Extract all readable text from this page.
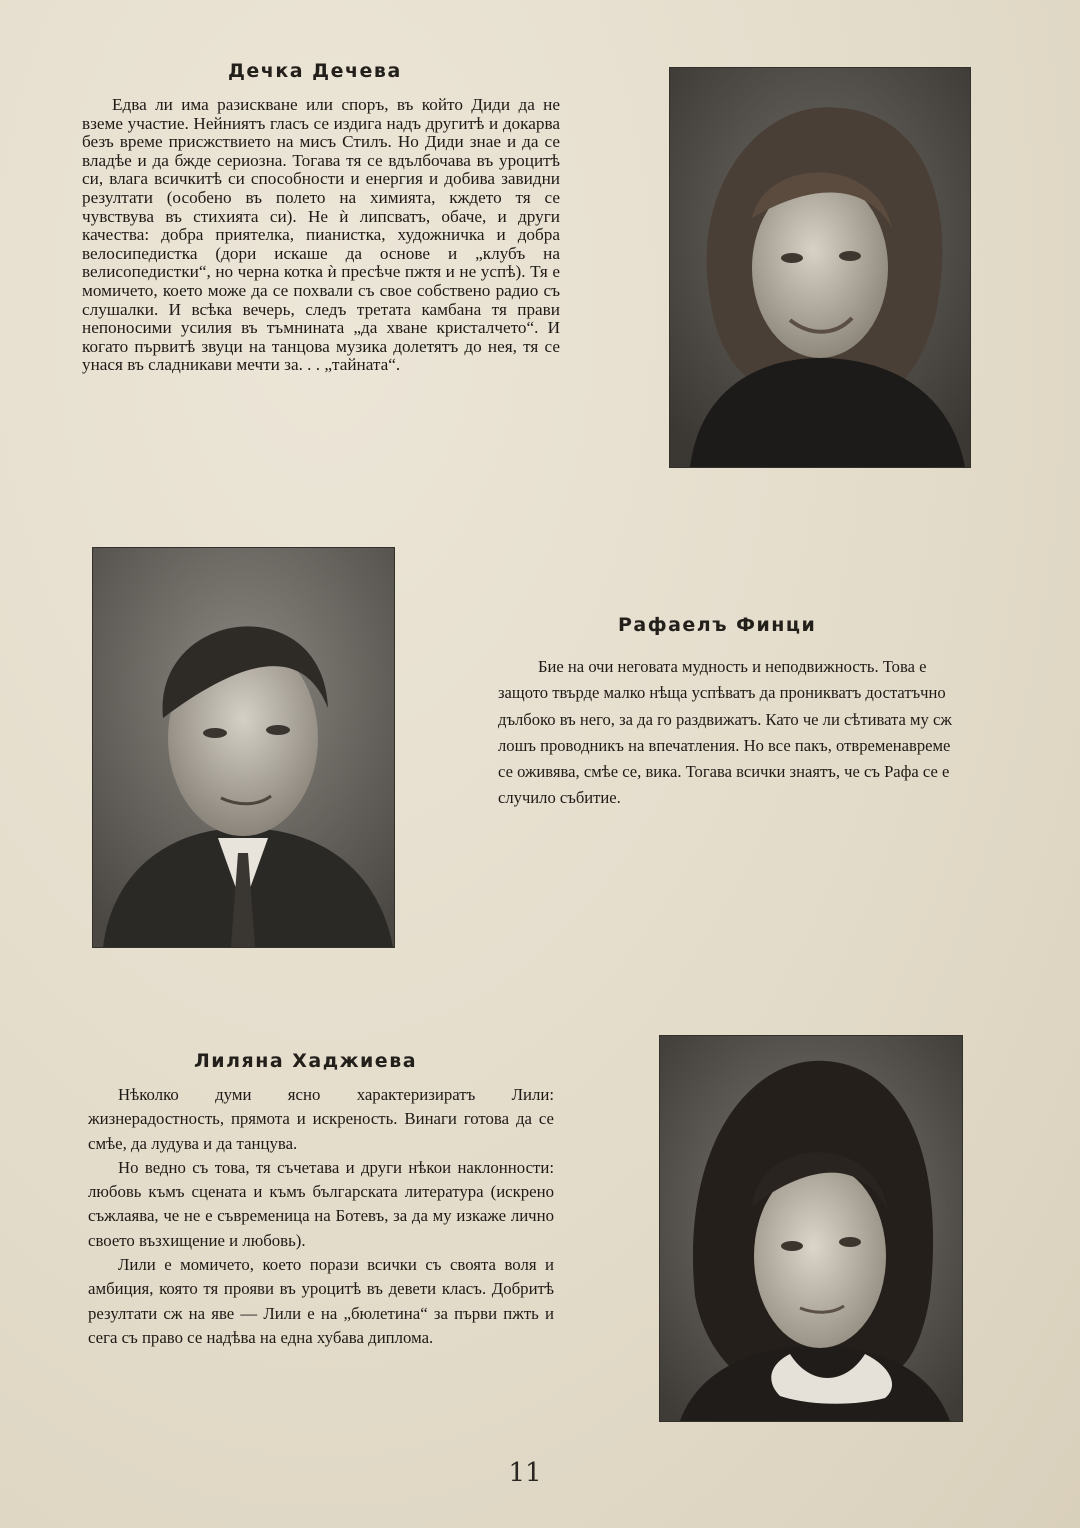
Дечка Дечева

Едва ли има разискване или споръ, въ който Диди да не вземе участие. Нейниятъ гласъ се издига надъ другитѣ и докарва безъ време присжствието на мисъ Стилъ. Но Диди знае и да се владѣе и да бжде сериозна. Тогава тя се вдълбочава въ уроцитѣ си, влага всичкитѣ си способности и енергия и добива завидни резултати (особено въ полето на химията, кждето тя се чувствува въ стихията си). Не ѝ липсватъ, обаче, и други качества: добра приятелка, пианистка, художничка и добра велосипедистка (дори искаше да основе и „клубъ на велисопедистки“, но черна котка ѝ пресѣче пжтя и не успѣ). Тя е момичето, което може да се похвали съ свое собствено радио съ слушалки. И всѣка вечерь, следъ третата камбана тя прави непоносими усилия въ тъмнината „да хване кристалчето“. И когато първитѣ звуци на танцова музика долетятъ до нея, тя се унася въ сладникави мечти за. . . „тайната“.

Рафаелъ Финци

Бие на очи неговата мудность и неподвижность. Това е защото твърде малко нѣща успѣватъ да проникватъ достатъчно дълбоко въ него, за да го раздвижатъ. Като че ли сѣтивата му сж лошъ проводникъ на впечатления. Но все пакъ, отвременавреме се оживява, смѣе се, вика. Тогава всички знаятъ, че съ Рафа се е случило събитие.

Лиляна Хаджиева

Нѣколко думи ясно характеризиратъ Лили: жизнерадостность, прямота и искреность. Винаги готова да се смѣе, да лудува и да танцува.

Но ведно съ това, тя съчетава и други нѣкои наклонности: любовь къмъ сцената и къмъ българската литература (искрено съжлаява, че не е съвременица на Ботевъ, за да му изкаже лично своето възхищение и любовь).

Лили е момичето, което порази всички съ своята воля и амбиция, която тя прояви въ уроцитѣ въ девети класъ. Добритѣ резултати сж на яве — Лили е на „бюлетина“ за първи пжть и сега съ право се надѣва на една хубава диплома.

11
